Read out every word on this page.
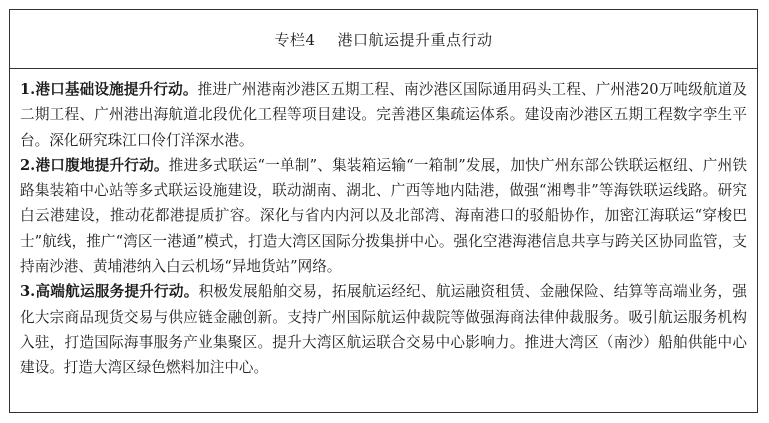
专栏4 港口航运提升重点行动

1.港口基础设施提升行动。推进广州港南沙港区五期工程、南沙港区国际通用码头工程、广州港20万吨级航道及二期工程、广州港出海航道北段优化工程等项目建设。完善港区集疏运体系。建设南沙港区五期工程数字孪生平台。深化研究珠江口伶仃洋深水港。

2.港口腹地提升行动。推进多式联运“一单制”、集装箱运输“一箱制”发展，加快广州东部公铁联运枢纽、广州铁路集装箱中心站等多式联运设施建设，联动湖南、湖北、广西等地内陆港，做强“湘粤非”等海铁联运线路。研究白云港建设，推动花都港提质扩容。深化与省内内河以及北部湾、海南港口的驳船协作，加密江海联运“穿梭巴士”航线，推广“湾区一港通”模式，打造大湾区国际分拨集拼中心。强化空港海港信息共享与跨关区协同监管，支持南沙港、黄埔港纳入白云机场“异地货站”网络。

3.高端航运服务提升行动。积极发展船舶交易，拓展航运经纪、航运融资租赁、金融保险、结算等高端业务，强化大宗商品现货交易与供应链金融创新。支持广州国际航运仲裁院等做强海商法律仲裁服务。吸引航运服务机构入驻，打造国际海事服务产业集聚区。提升大湾区航运联合交易中心影响力。推进大湾区（南沙）船舶供能中心建设。打造大湾区绿色燃料加注中心。
